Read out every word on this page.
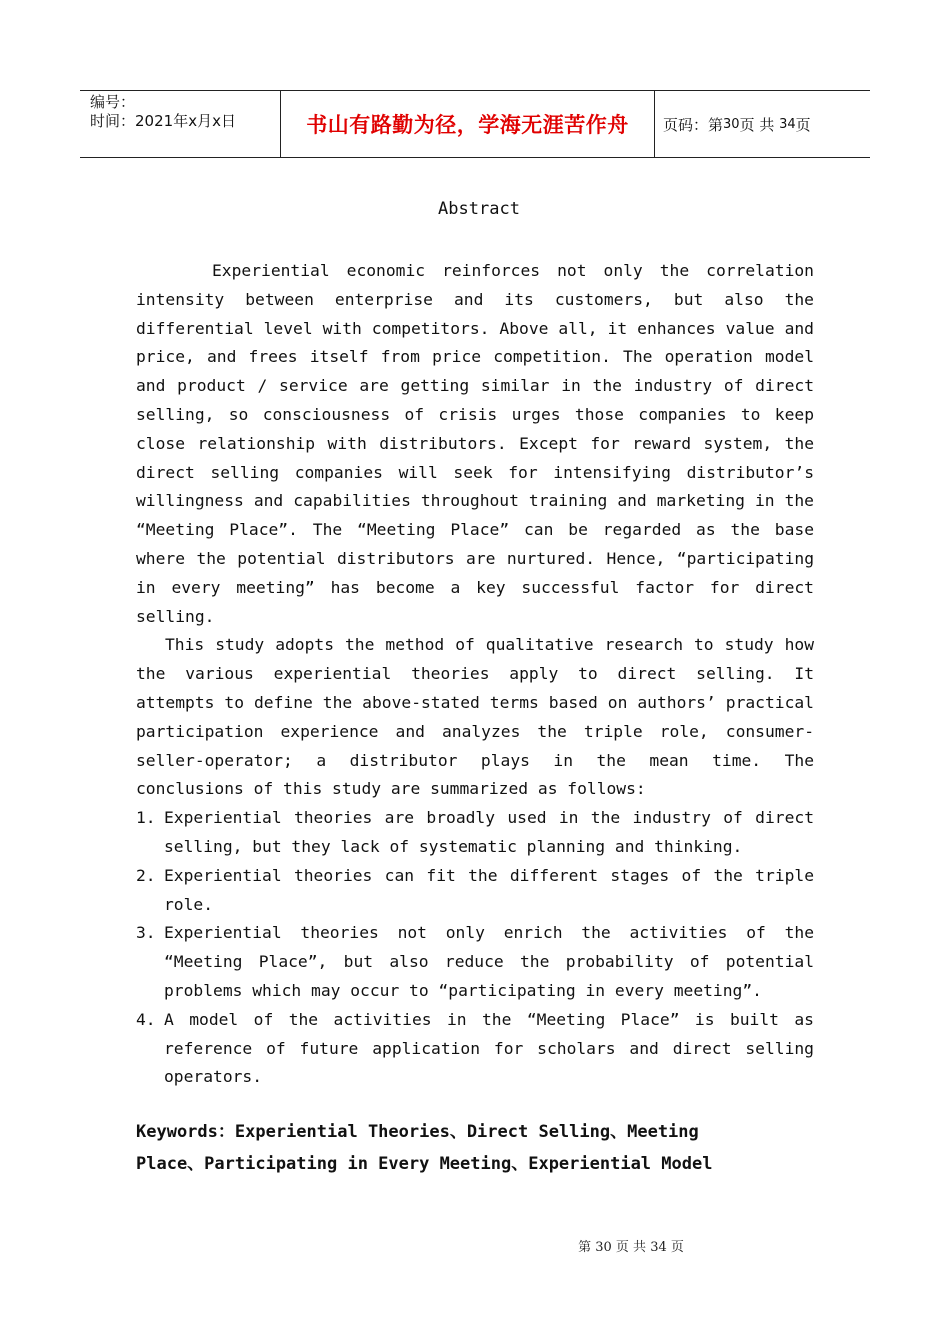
编号：
时间：2021年x月x日	书山有路勤为径，学海无涯苦作舟	页码：第 30 页 共
34 页
Abstract

Experiential economic reinforces not only the correlation intensity between enterprise and its customers, but also the differential level with competitors. Above all, it enhances value and price, and frees itself from price competition. The operation model and product / service are getting similar in the industry of direct selling, so consciousness of crisis urges those companies to keep close relationship with distributors. Except for reward system, the direct selling companies will seek for intensifying distributor’s willingness and capabilities throughout training and marketing in the “Meeting Place”. The “Meeting Place” can be regarded as the base where the potential distributors are nurtured. Hence, “participating in every meeting” has become a key successful factor for direct selling.

This study adopts the method of qualitative research to study how the various experiential theories apply to direct selling. It attempts to define the above-stated terms based on authors’ practical participation experience and analyzes the triple role, consumer-seller-operator; a distributor plays in the mean time. The conclusions of this study are summarized as follows:

1. Experiential theories are broadly used in the industry of direct selling, but they lack of systematic planning and thinking.
2. Experiential theories can fit the different stages of the triple role.
3. Experiential theories not only enrich the activities of the “Meeting Place”, but also reduce the probability of potential problems which may occur to “participating in every meeting”.
4. A model of the activities in the “Meeting Place” is built as reference of future application for scholars and direct selling operators.
Keywords：Experiential Theories、Direct Selling、Meeting Place、Participating in Every Meeting、Experiential Model
第 30 页 共 34 页
